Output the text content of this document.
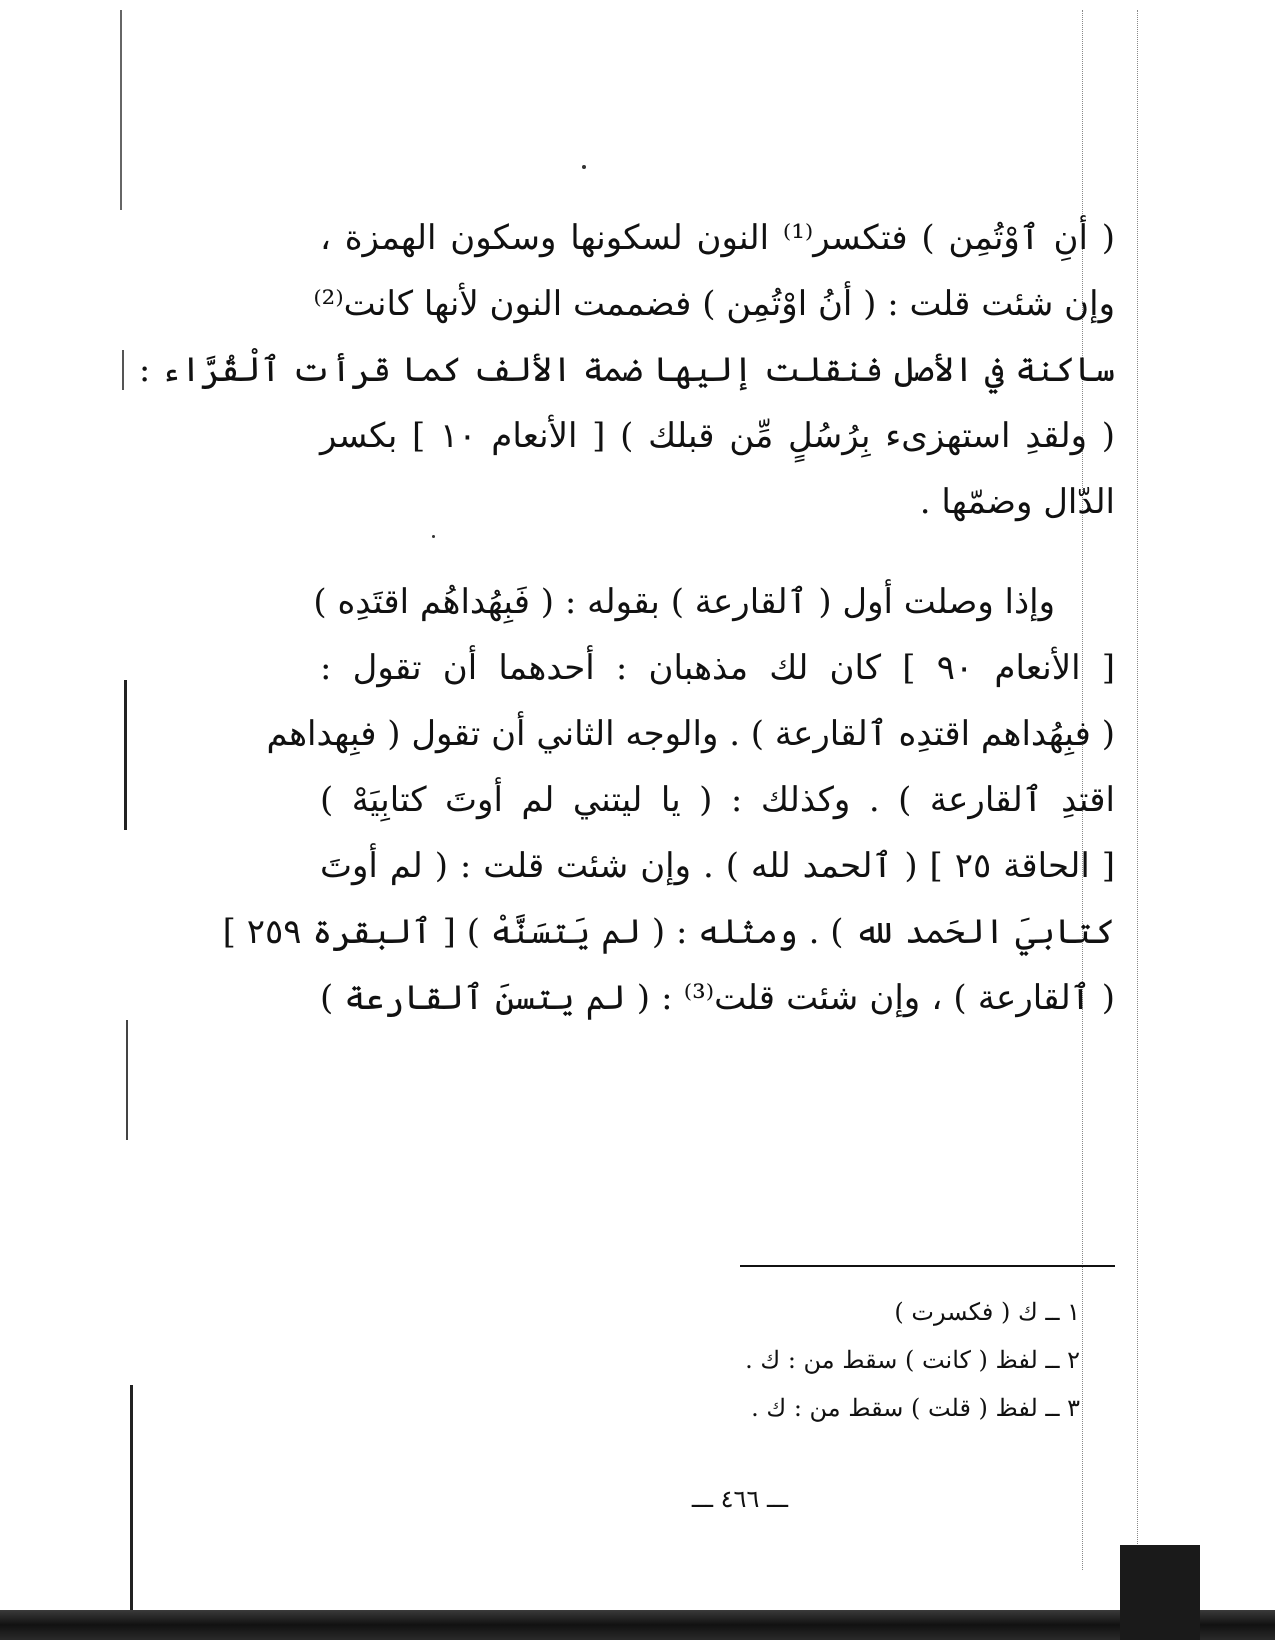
( أنِ ٱوْتُمِن ) فتكسر⁽¹⁾ النون لسكونها وسكون الهمزة ،
وإن شئت قلت : ( أنُ اوْتُمِن ) فضممت النون لأنها كانت⁽²⁾
ساكنة في الأصل فنقلت إليها ضمة الألف كما قرأت ٱلْقُرَّاء :
( ولقدِ استهزىء بِرُسُلٍ مِّن قبلك ) [ الأنعام ١٠ ] بكسر
الدّال وضمّها .
وإذا وصلت أول ( ٱلقارعة ) بقوله : ( فَبِهُداهُم اقتَدِه )
[ الأنعام ٩٠ ] كان لك مذهبان : أحدهما أن تقول :
( فبِهُداهم اقتدِه ٱلقارعة ) . والوجه الثاني أن تقول ( فبِهداهم
اقتدِ ٱلقارعة ) . وكذلك : ( يا ليتني لم أوتَ كتابِيَهْ )
[ الحاقة ٢٥ ] ( ٱلحمد لله ) . وإن شئت قلت : ( لم أوتَ
كتابيَ الحَمد لله ) . ومثله : ( لم يَتسَنَّهْ ) [ ٱلبقرة ٢٥٩ ]
( ٱلقارعة ) ، وإن شئت قلت⁽³⁾ : ( لم يتسنَ ٱلقارعة )
١ ــ ك ( فكسرت )
٢ ــ لفظ ( كانت ) سقط من : ك .
٣ ــ لفظ ( قلت ) سقط من : ك .
ـــ ٤٦٦ ـــ
